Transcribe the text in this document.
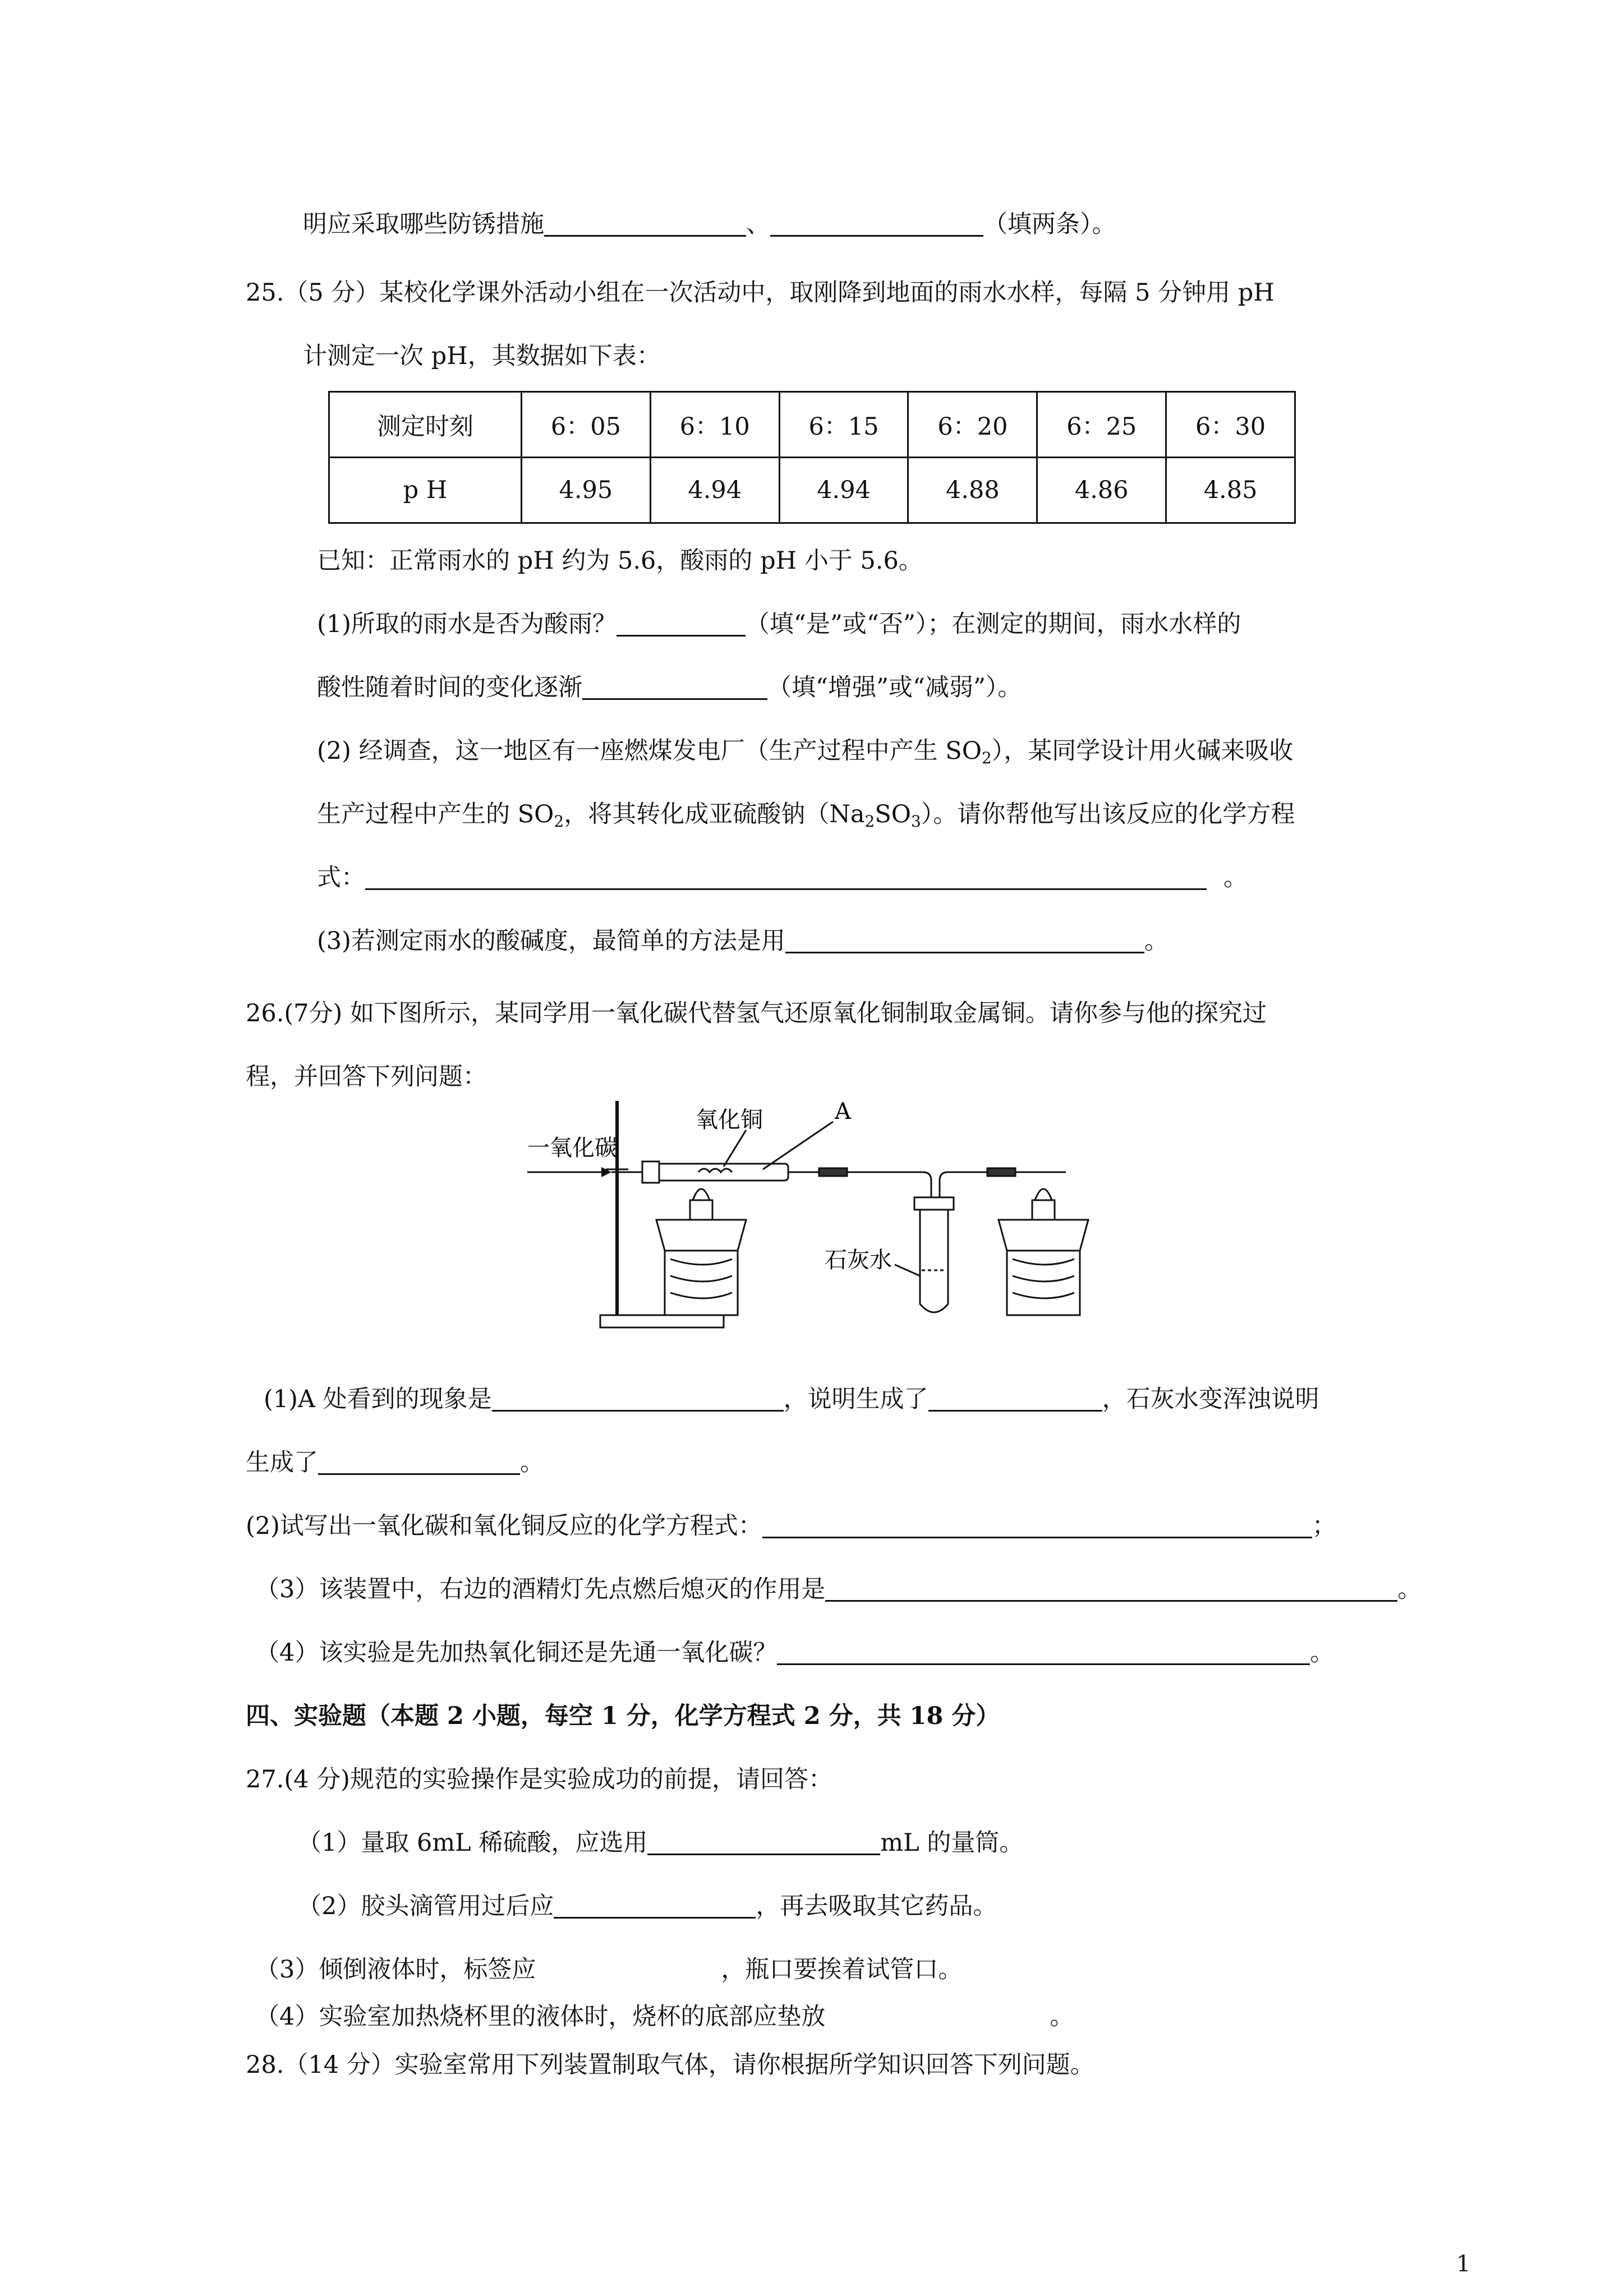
明应采取哪些防锈措施	、	（填两条）。
25.（5 分）某校化学课外活动小组在一次活动中，取刚降到地面的雨水水样，每隔 5 分钟用 pH
计测定一次 pH，其数据如下表：
测定时刻	6：05	6：10	6：15	6：20	6：25	6：30
p H	4.95	4.94	4.94	4.88	4.86	4.85
已知：正常雨水的 pH 约为 5.6，酸雨的 pH 小于 5.6。
(1)所取的雨水是否为酸雨？	（填“是”或“否”）；在测定的期间，雨水水样的
酸性随着时间的变化逐渐	（填“增强”或“减弱”）。
(2) 经调查，这一地区有一座燃煤发电厂（生产过程中产生 $SO_2$），某同学设计用火碱来吸收
生产过程中产生的 $SO_2$，将其转化成亚硫酸钠$(Na_2SO_3)$。请你帮他写出该反应的化学方程
式：	。
(3)若测定雨水的酸碱度，最简单的方法是用	。
26.(7分) 如下图所示，某同学用一氧化碳代替氢气还原氧化铜制取金属铜。请你参与他的探究过
程，并回答下列问题：
一氧化碳
氧化铜	A
石灰水
(1)A 处看到的现象是	，说明生成了	，石灰水变浑浊说明
生成了	。
(2)试写出一氧化碳和氧化铜反应的化学方程式：	；
（3）该装置中，右边的酒精灯先点燃后熄灭的作用是	。
（4）该实验是先加热氧化铜还是先通一氧化碳？	。
四、实验题（本题 2 小题，每空 1 分，化学方程式 2 分，共 18 分）
27.(4 分)规范的实验操作是实验成功的前提，请回答：
（1）量取 6mL 稀硫酸，应选用	mL 的量筒。
（2）胶头滴管用过后应	，再去吸取其它药品。
（3）倾倒液体时，标签应	，瓶口要挨着试管口。
（4）实验室加热烧杯里的液体时，烧杯的底部应垫放	。
28.（14 分）实验室常用下列装置制取气体，请你根据所学知识回答下列问题。
1
